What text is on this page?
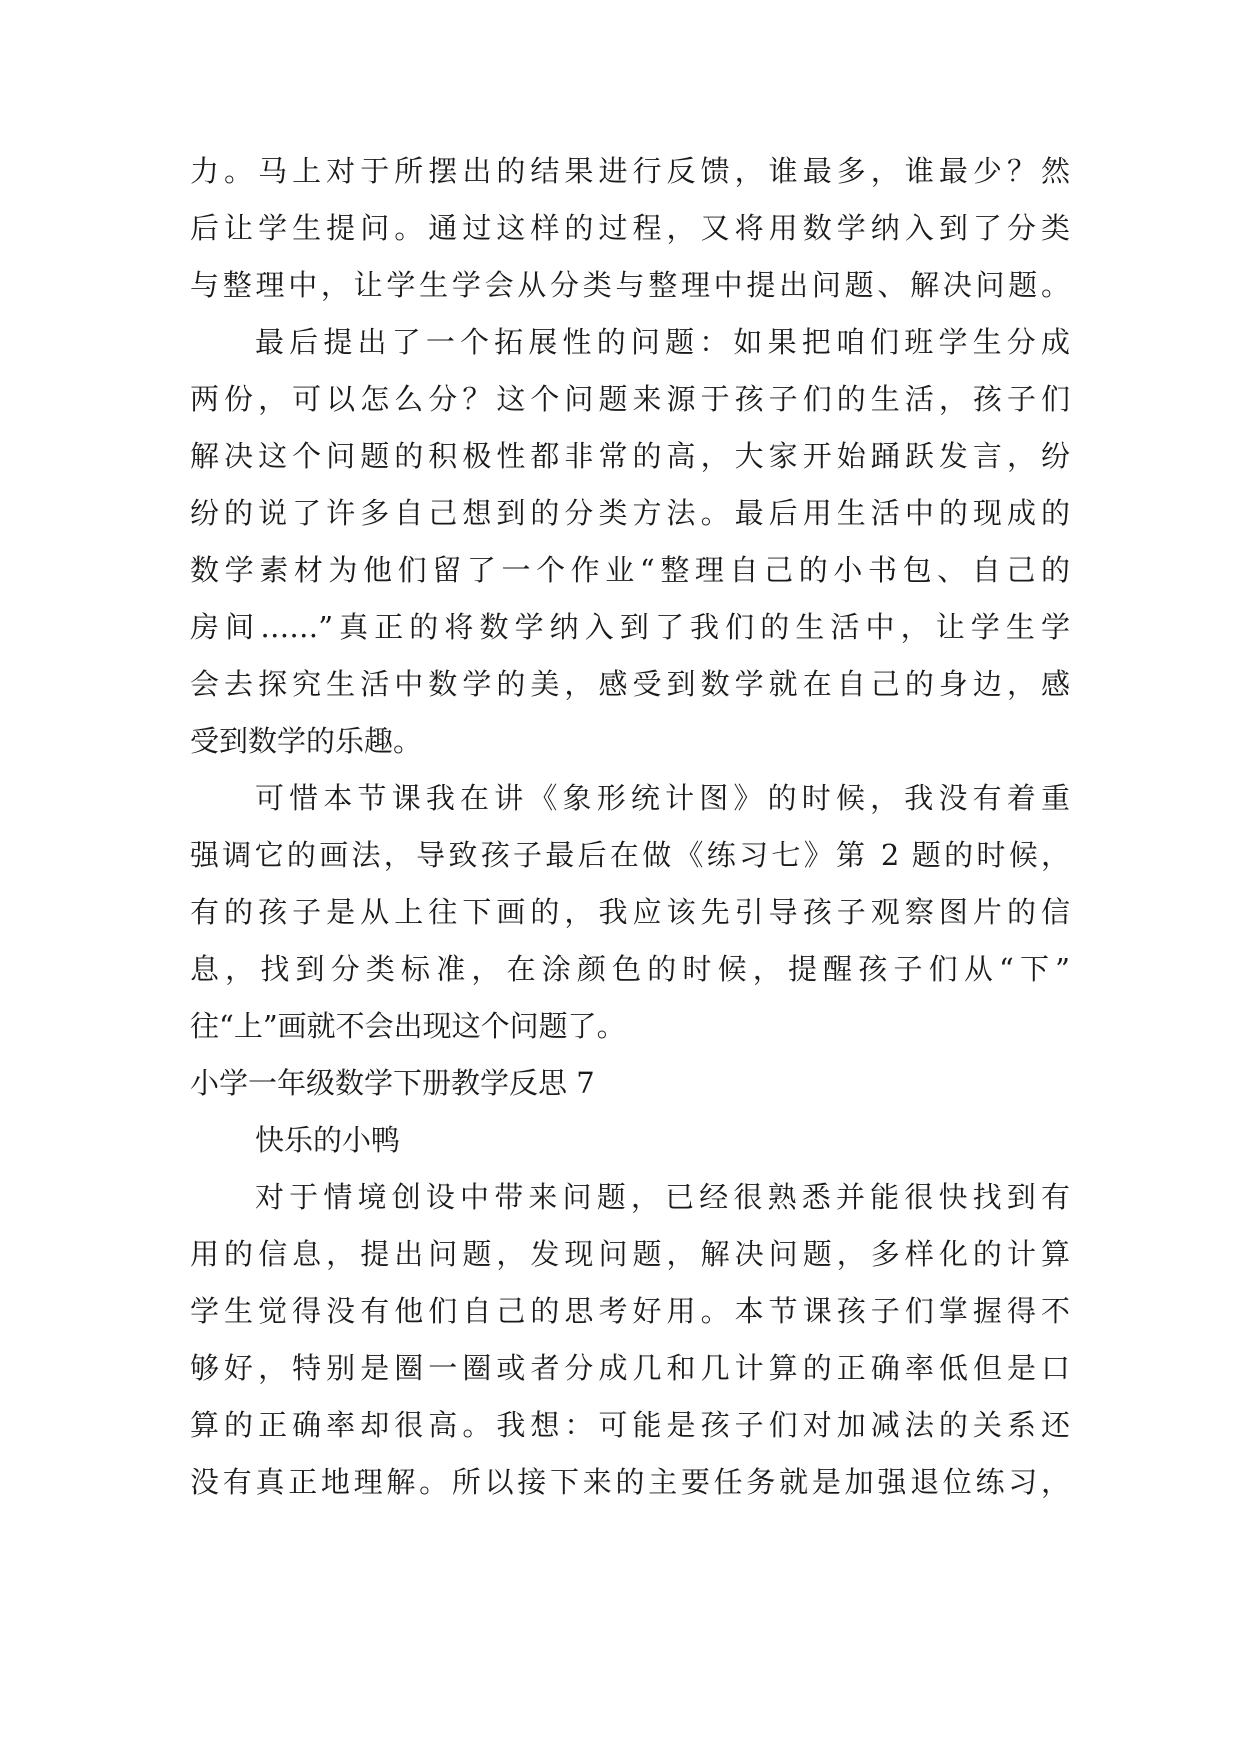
力。马上对于所摆出的结果进行反馈，谁最多，谁最少？然
后让学生提问。通过这样的过程，又将用数学纳入到了分类
与整理中，让学生学会从分类与整理中提出问题、解决问题。
最后提出了一个拓展性的问题：如果把咱们班学生分成
两份，可以怎么分？这个问题来源于孩子们的生活，孩子们
解决这个问题的积极性都非常的高，大家开始踊跃发言，纷
纷的说了许多自己想到的分类方法。最后用生活中的现成的
数学素材为他们留了一个作业“整理自己的小书包、自己的
房间……”真正的将数学纳入到了我们的生活中，让学生学
会去探究生活中数学的美，感受到数学就在自己的身边，感
受到数学的乐趣。
可惜本节课我在讲《象形统计图》的时候，我没有着重
强调它的画法，导致孩子最后在做《练习七》第 2 题的时候，
有的孩子是从上往下画的，我应该先引导孩子观察图片的信
息，找到分类标准，在涂颜色的时候，提醒孩子们从“下”
往“上”画就不会出现这个问题了。
小学一年级数学下册教学反思 7
快乐的小鸭
对于情境创设中带来问题，已经很熟悉并能很快找到有
用的信息，提出问题，发现问题，解决问题，多样化的计算
学生觉得没有他们自己的思考好用。本节课孩子们掌握得不
够好，特别是圈一圈或者分成几和几计算的正确率低但是口
算的正确率却很高。我想：可能是孩子们对加减法的关系还
没有真正地理解。所以接下来的主要任务就是加强退位练习，
